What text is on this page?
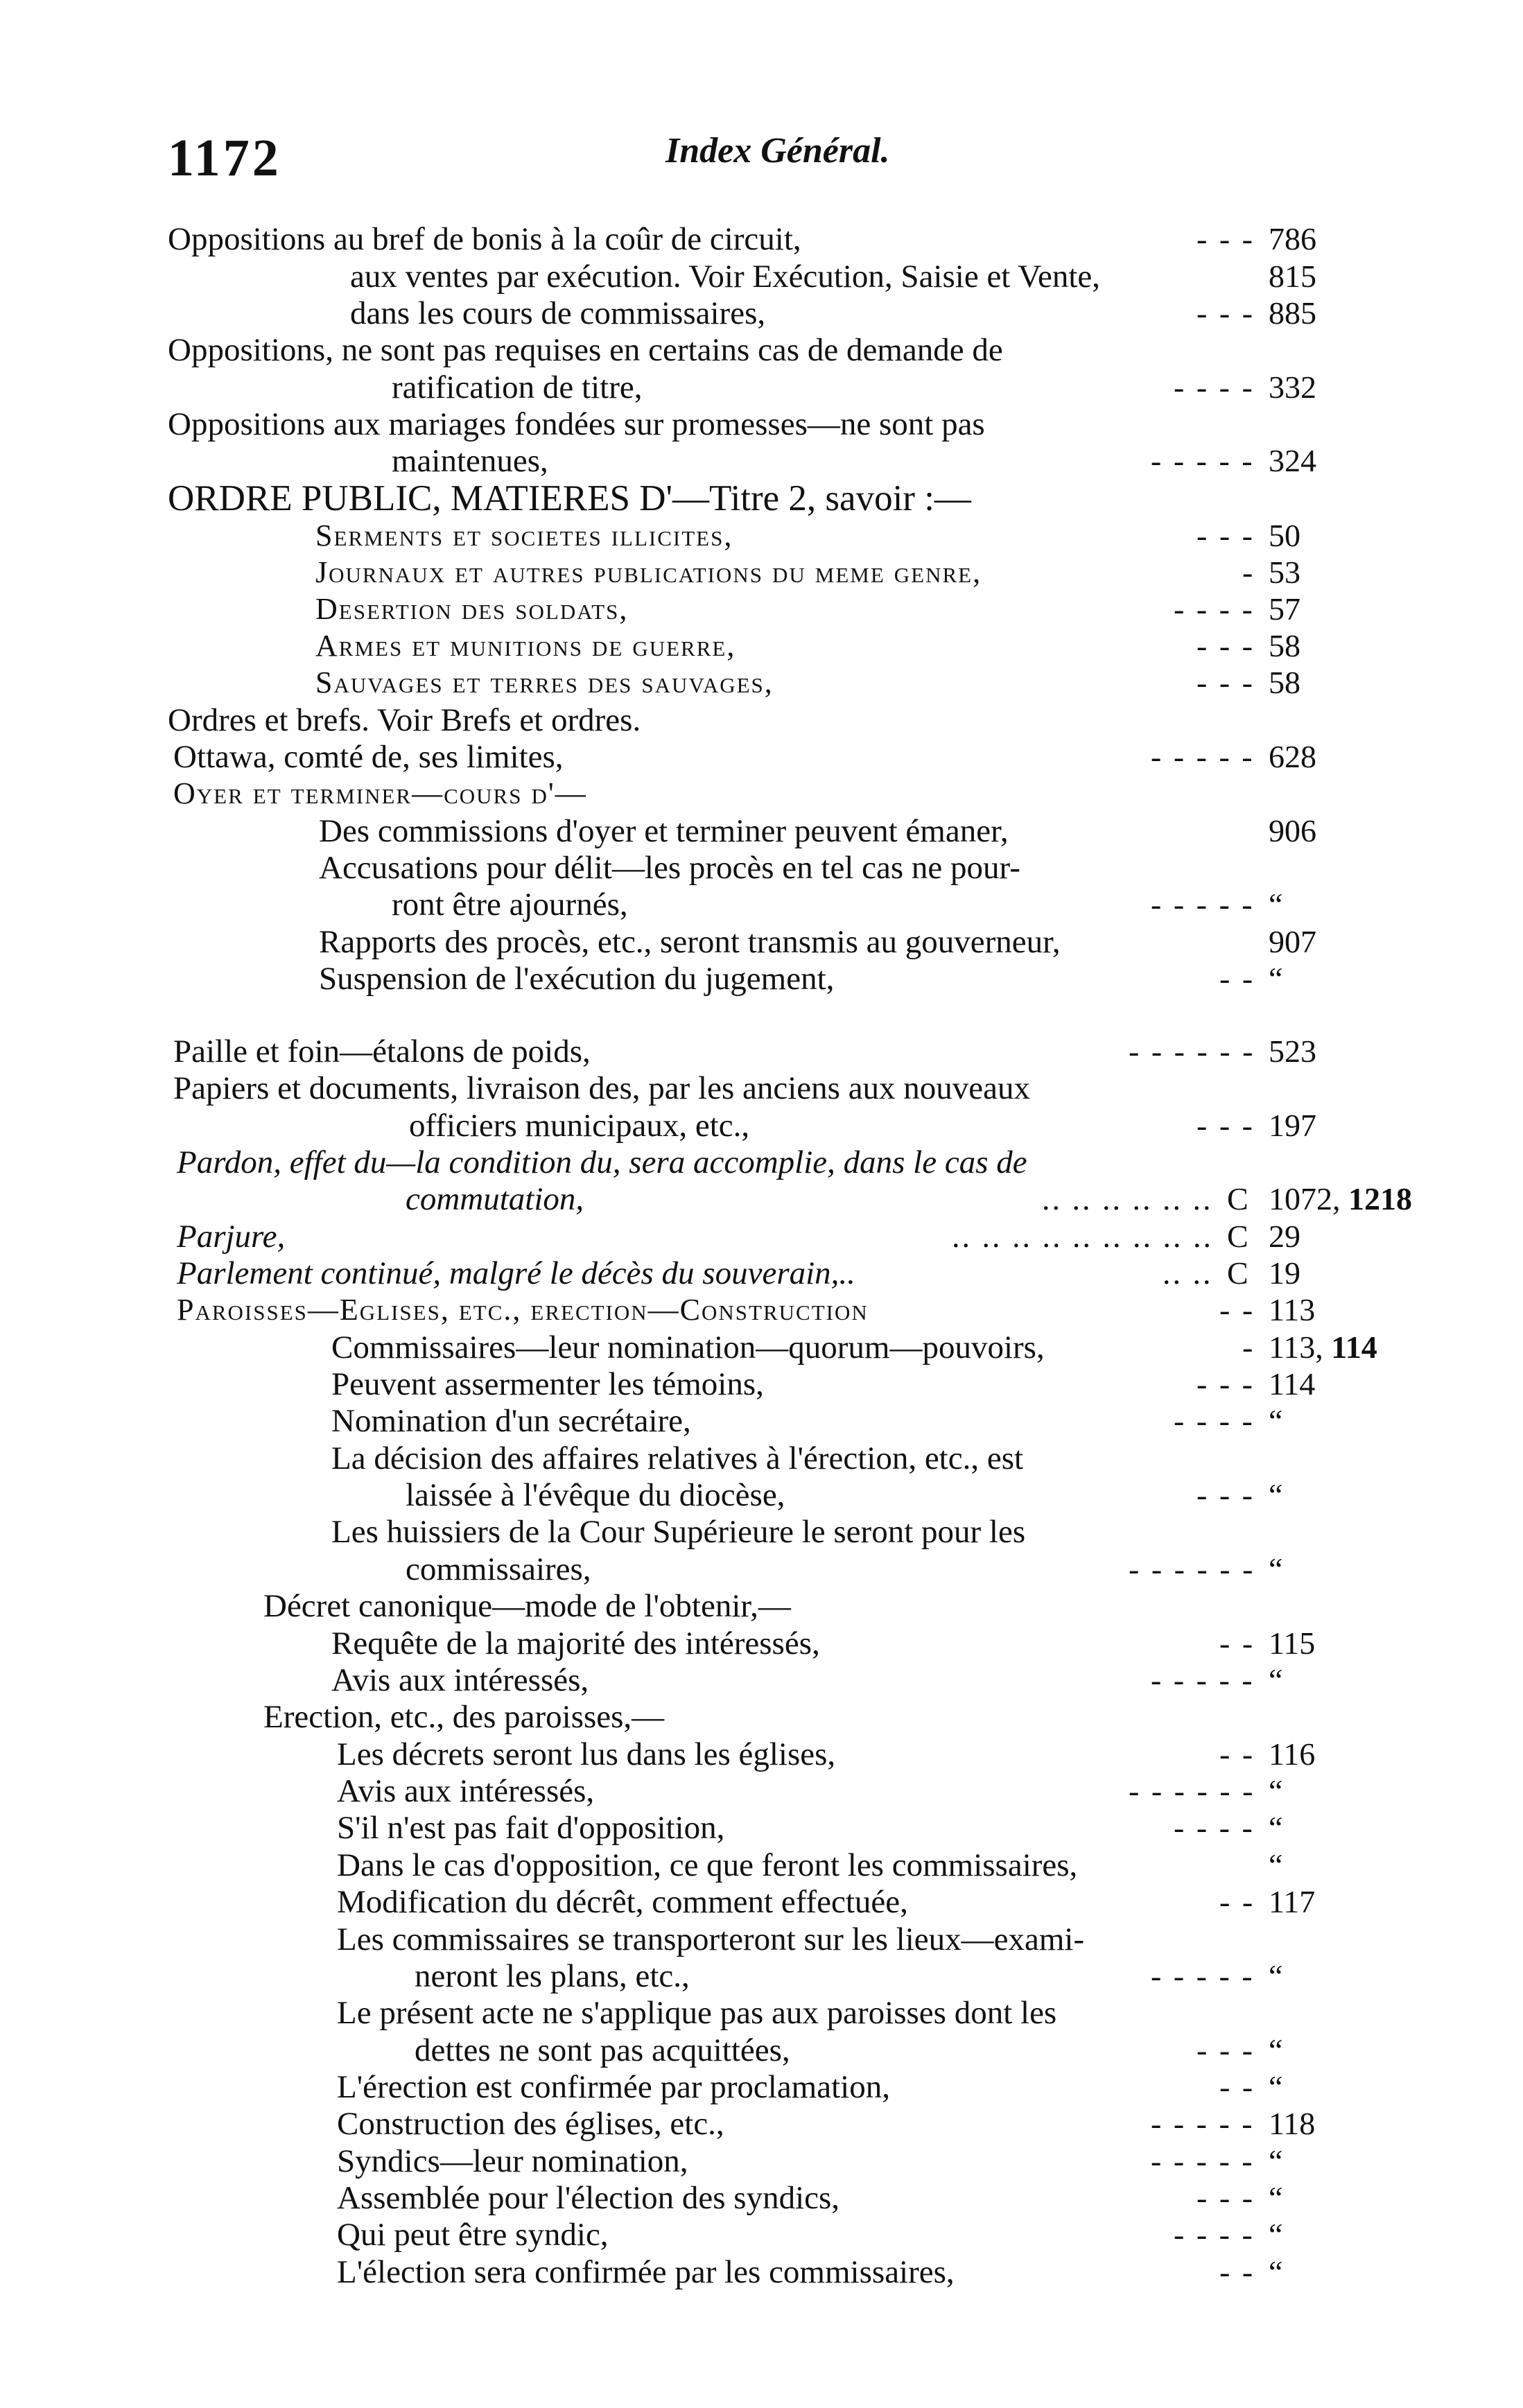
1172	Index Général.
Oppositions au bref de bonis à la coûr de circuit,	- - - 786
aux ventes par exécution. Voir Exécution, Saisie et Vente,	815
dans les cours de commissaires,	- - - 885
Oppositions, ne sont pas requises en certains cas de demande de
ratification de titre,	- - - - 332
Oppositions aux mariages fondées sur promesses—ne sont pas
maintenues,	- - - - - 324
ORDRE PUBLIC, MATIERES D'—Titre 2, savoir :—
Serments et societes illicites,	- - - 50
Journaux et autres publications du meme genre,	- 53
Desertion des soldats,	- - - - 57
Armes et munitions de guerre,	- - - 58
Sauvages et terres des sauvages,	- - - 58
Ordres et brefs. Voir Brefs et ordres.
Ottawa, comté de, ses limites,	- - - - - 628
Oyer et terminer—cours d'—
Des commissions d'oyer et terminer peuvent émaner,	906
Accusations pour délit—les procès en tel cas ne pour-
ront être ajournés,	- - - - - “
Rapports des procès, etc., seront transmis au gouverneur,	907
Suspension de l'exécution du jugement,	- - “
Paille et foin—étalons de poids,	- - - - - - 523
Papiers et documents, livraison des, par les anciens aux nouveaux
officiers municipaux, etc.,	- - - 197
Pardon, effet du—la condition du, sera accomplie, dans le cas de
commutation,	.. .. .. .. .. .. C 1072, 1218
Parjure,	.. .. .. .. .. .. .. .. .. C 29
Parlement continué, malgré le décès du souverain,..	.. .. C 19
Paroisses—Eglises, etc., erection—Construction	- - 113
Commissaires—leur nomination—quorum—pouvoirs,	- 113, 114
Peuvent assermenter les témoins,	- - - 114
Nomination d'un secrétaire,	- - - - “
La décision des affaires relatives à l'érection, etc., est
laissée à l'évêque du diocèse,	- - - “
Les huissiers de la Cour Supérieure le seront pour les
commissaires,	- - - - - - “
Décret canonique—mode de l'obtenir,—
Requête de la majorité des intéressés,	- - 115
Avis aux intéressés,	- - - - - “
Erection, etc., des paroisses,—
Les décrets seront lus dans les églises,	- - 116
Avis aux intéressés,	- - - - - - “
S'il n'est pas fait d'opposition,	- - - - “
Dans le cas d'opposition, ce que feront les commissaires,	“
Modification du décrêt, comment effectuée,	- - 117
Les commissaires se transporteront sur les lieux—exami-
neront les plans, etc.,	- - - - - “
Le présent acte ne s'applique pas aux paroisses dont les
dettes ne sont pas acquittées,	- - - “
L'érection est confirmée par proclamation,	- - “
Construction des églises, etc.,	- - - - - 118
Syndics—leur nomination,	- - - - - “
Assemblée pour l'élection des syndics,	- - - “
Qui peut être syndic,	- - - - “
L'élection sera confirmée par les commissaires,	- - “
